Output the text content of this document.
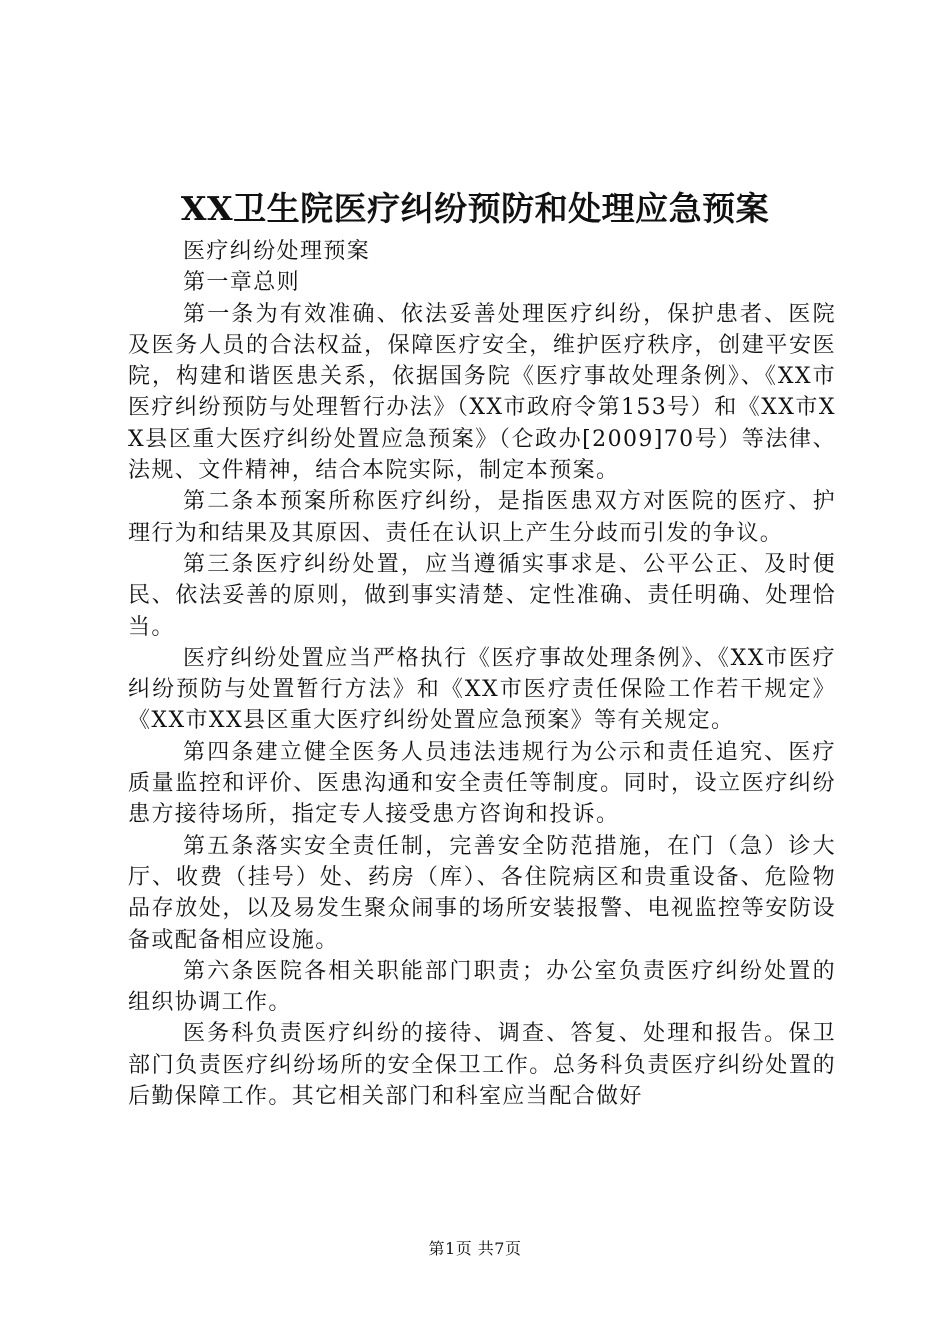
XX卫生院医疗纠纷预防和处理应急预案

医疗纠纷处理预案

第一章总则

第一条为有效准确、依法妥善处理医疗纠纷，保护患者、医院及医务人员的合法权益，保障医疗安全，维护医疗秩序，创建平安医院，构建和谐医患关系，依据国务院《医疗事故处理条例》、《XX市医疗纠纷预防与处理暂行办法》（XX市政府令第153号）和《XX市XX县区重大医疗纠纷处置应急预案》（仑政办[2009]70号）等法律、法规、文件精神，结合本院实际，制定本预案。

第二条本预案所称医疗纠纷，是指医患双方对医院的医疗、护理行为和结果及其原因、责任在认识上产生分歧而引发的争议。

第三条医疗纠纷处置，应当遵循实事求是、公平公正、及时便民、依法妥善的原则，做到事实清楚、定性准确、责任明确、处理恰当。

医疗纠纷处置应当严格执行《医疗事故处理条例》、《XX市医疗纠纷预防与处置暂行方法》和《XX市医疗责任保险工作若干规定》《XX市XX县区重大医疗纠纷处置应急预案》等有关规定。

第四条建立健全医务人员违法违规行为公示和责任追究、医疗质量监控和评价、医患沟通和安全责任等制度。同时，设立医疗纠纷患方接待场所，指定专人接受患方咨询和投诉。

第五条落实安全责任制，完善安全防范措施，在门（急）诊大厅、收费（挂号）处、药房（库）、各住院病区和贵重设备、危险物品存放处，以及易发生聚众闹事的场所安装报警、电视监控等安防设备或配备相应设施。

第六条医院各相关职能部门职责；办公室负责医疗纠纷处置的组织协调工作。

医务科负责医疗纠纷的接待、调查、答复、处理和报告。保卫部门负责医疗纠纷场所的安全保卫工作。总务科负责医疗纠纷处置的后勤保障工作。其它相关部门和科室应当配合做好

第1页 共7页
